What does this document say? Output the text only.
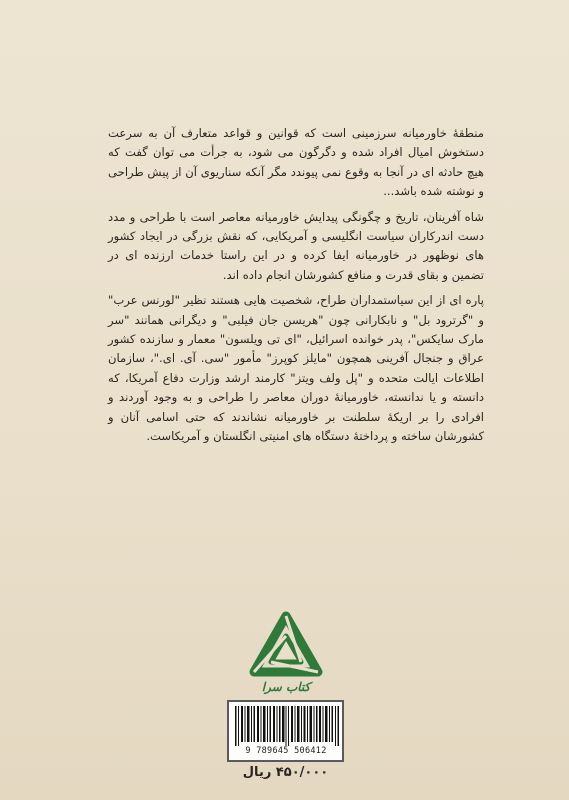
منطقهٔ خاورمیانه سرزمینی است که قوانین و قواعد متعارف آن به سرعت دستخوش امیال افراد شده و دگرگون می شود، به جرأت می توان گفت که هیچ حادثه ای در آنجا به وقوع نمی پیوندد مگر آنکه سناریوی آن از پیش طراحی و نوشته شده باشد...

شاه آفرینان، تاریخ و چگونگی پیدایش خاورمیانه معاصر است با طراحی و مدد دست اندرکاران سیاست انگلیسی و آمریکایی، که نقش بزرگی در ایجاد کشور های نوظهور در خاورمیانه ایفا کرده و در این راستا خدمات ارزنده ای در تضمین و بقای قدرت و منافع کشورشان انجام داده اند.

پاره ای از این سیاستمداران طراح، شخصیت هایی هستند نظیر "لورنس عرب" و "گرترود بل" و نابکارانی چون "هریسن جان فیلبی" و دیگرانی همانند "سر مارک سایکس"، پدر خوانده اسرائیل، "ای تی ویلسون" معمار و سازنده کشور عراق و جنجال آفرینی همچون "مایلز کوپرز" مأمور "سی. آی. ای."، سازمان اطلاعات ایالت متحده و "پل ولف ویتز" کارمند ارشد وزارت دفاع آمریکا، که دانسته و یا ندانسته، خاورمیانهٔ دوران معاصر را طراحی و به وجود آوردند و افرادی را بر اریکهٔ سلطنت بر خاورمیانه نشاندند که حتی اسامی آنان و کشورشان ساخته و پرداختهٔ دستگاه های امنیتی انگلستان و آمریکاست.

کتاب سرا
9 789645 506412
۴۵۰/۰۰۰ ریال
